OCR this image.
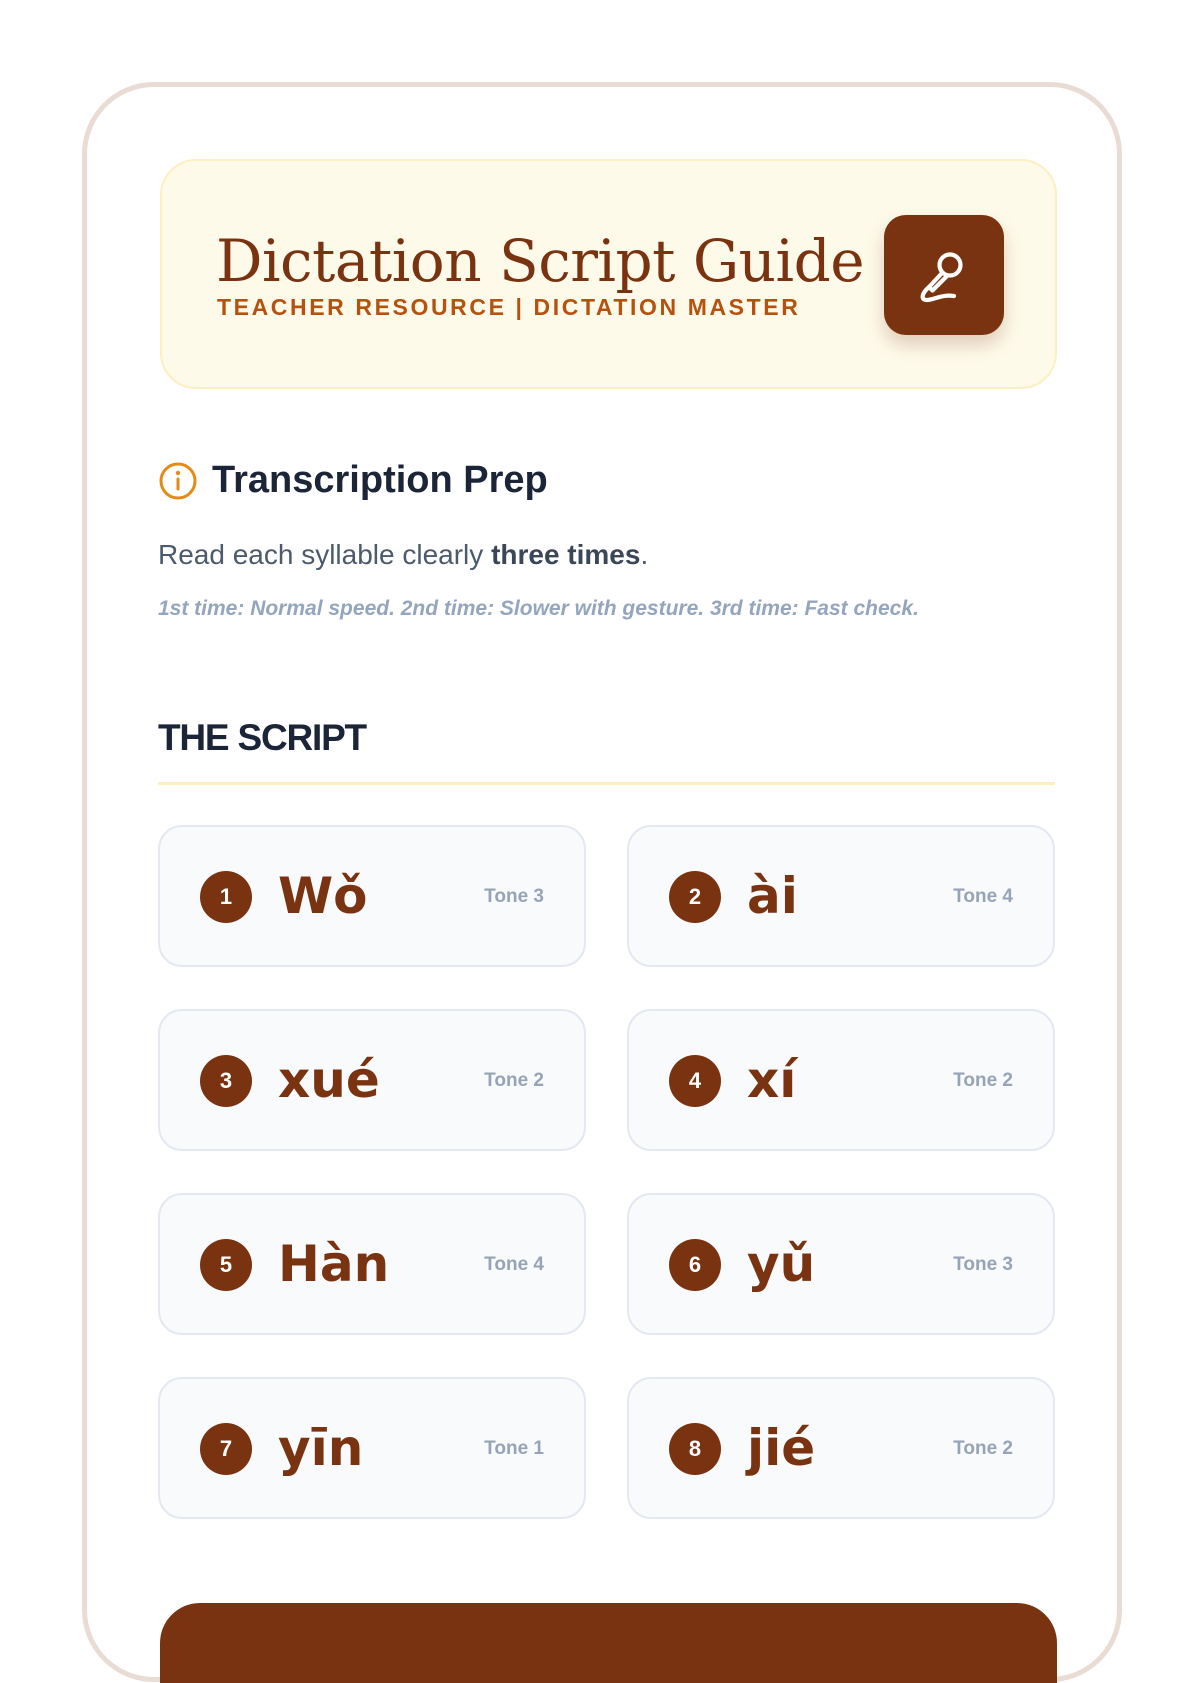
Dictation Script Guide
TEACHER RESOURCE | DICTATION MASTER
Transcription Prep
Read each syllable clearly three times.
1st time: Normal speed. 2nd time: Slower with gesture. 3rd time: Fast check.
THE SCRIPT
1 Wǒ	Tone 3	2 ài	Tone 4
3 xué	Tone 2	4 xí	Tone 2
5 Hàn	Tone 4	6 yǔ	Tone 3
7 yīn	Tone 1	8 jié	Tone 2
